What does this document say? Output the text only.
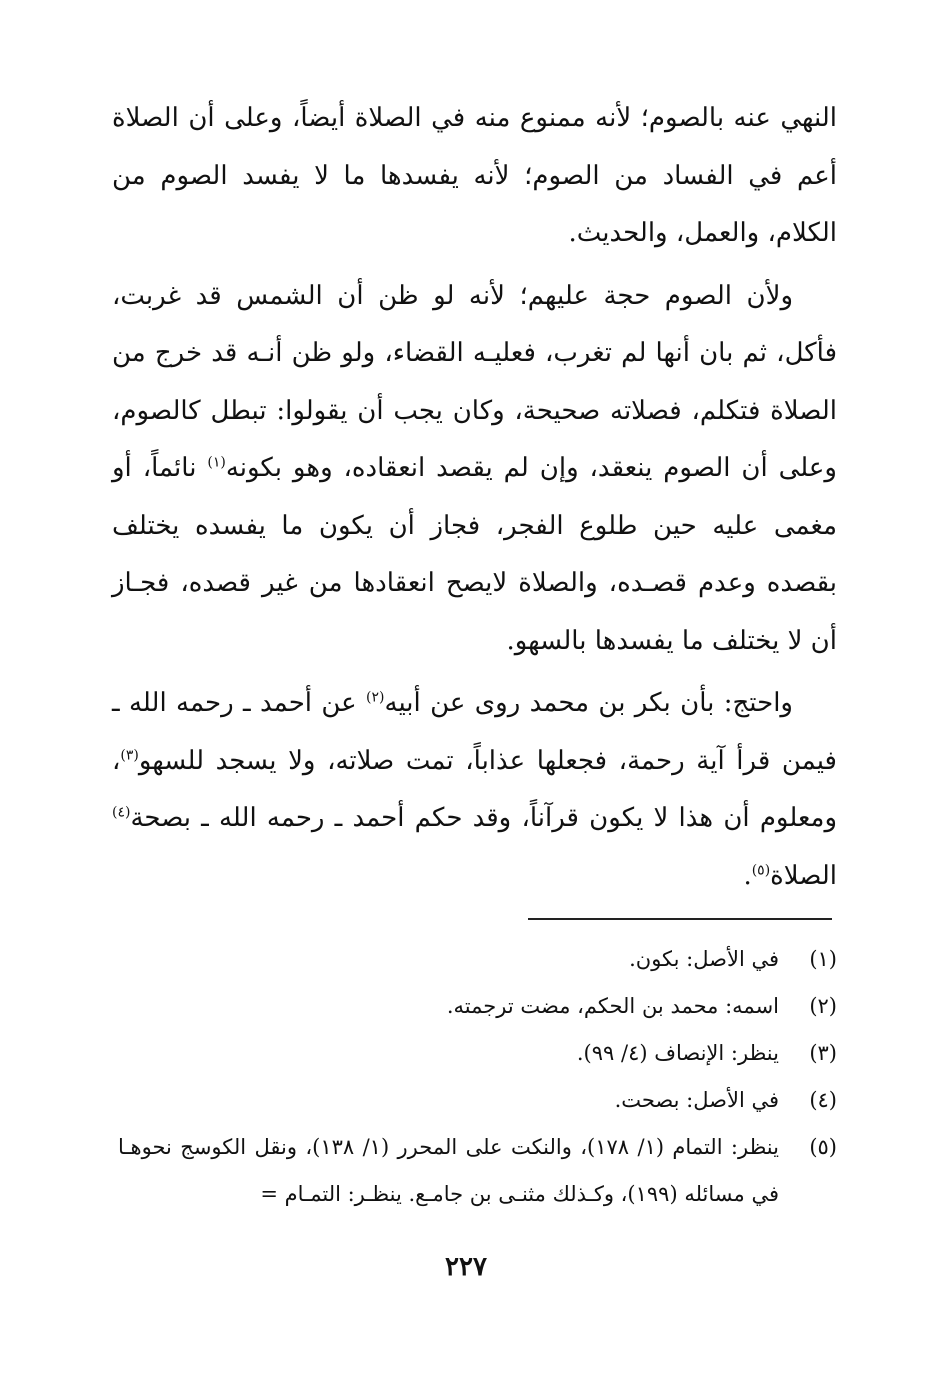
النهي عنه بالصوم؛ لأنه ممنوع منه في الصلاة أيضاً، وعلى أن الصلاة أعم في الفساد من الصوم؛ لأنه يفسدها ما لا يفسد الصوم من الكلام، والعمل، والحديث.

ولأن الصوم حجة عليهم؛ لأنه لو ظن أن الشمس قد غربت، فأكل، ثم بان أنها لم تغرب، فعليـه القضاء، ولو ظن أنـه قد خرج من الصلاة فتكلم، فصلاته صحيحة، وكان يجب أن يقولوا: تبطل كالصوم، وعلى أن الصوم ينعقد، وإن لم يقصد انعقاده، وهو بكونه$^{(١)}$ نائماً، أو مغمى عليه حين طلوع الفجر، فجاز أن يكون ما يفسده يختلف بقصده وعدم قصـده، والصلاة لايصح انعقادها من غير قصده، فجـاز أن لا يختلف ما يفسدها بالسهو.

واحتج: بأن بكر بن محمد روى عن أبيه$^{(٢)}$ عن أحمد ـ رحمه الله ـ فيمن قرأ آية رحمة، فجعلها عذاباً، تمت صلاته، ولا يسجد للسهو$^{(٣)}$، ومعلوم أن هذا لا يكون قرآناً، وقد حكم أحمد ـ رحمه الله ـ بصحة$^{(٤)}$ الصلاة$^{(٥)}$.

(١)
في الأصل: بكون.
(٢)
اسمه: محمد بن الحكم، مضت ترجمته.
(٣)
ينظر: الإنصاف (٤/ ٩٩).
(٤)
في الأصل: بصحت.
(٥)
ينظر: التمام (١/ ١٧٨)، والنكت على المحرر (١/ ١٣٨)، ونقل الكوسج نحوهـا في مسائله (١٩٩)، وكـذلك مثنـى بن جامـع. ينظـر: التمـام =
٢٢٧
